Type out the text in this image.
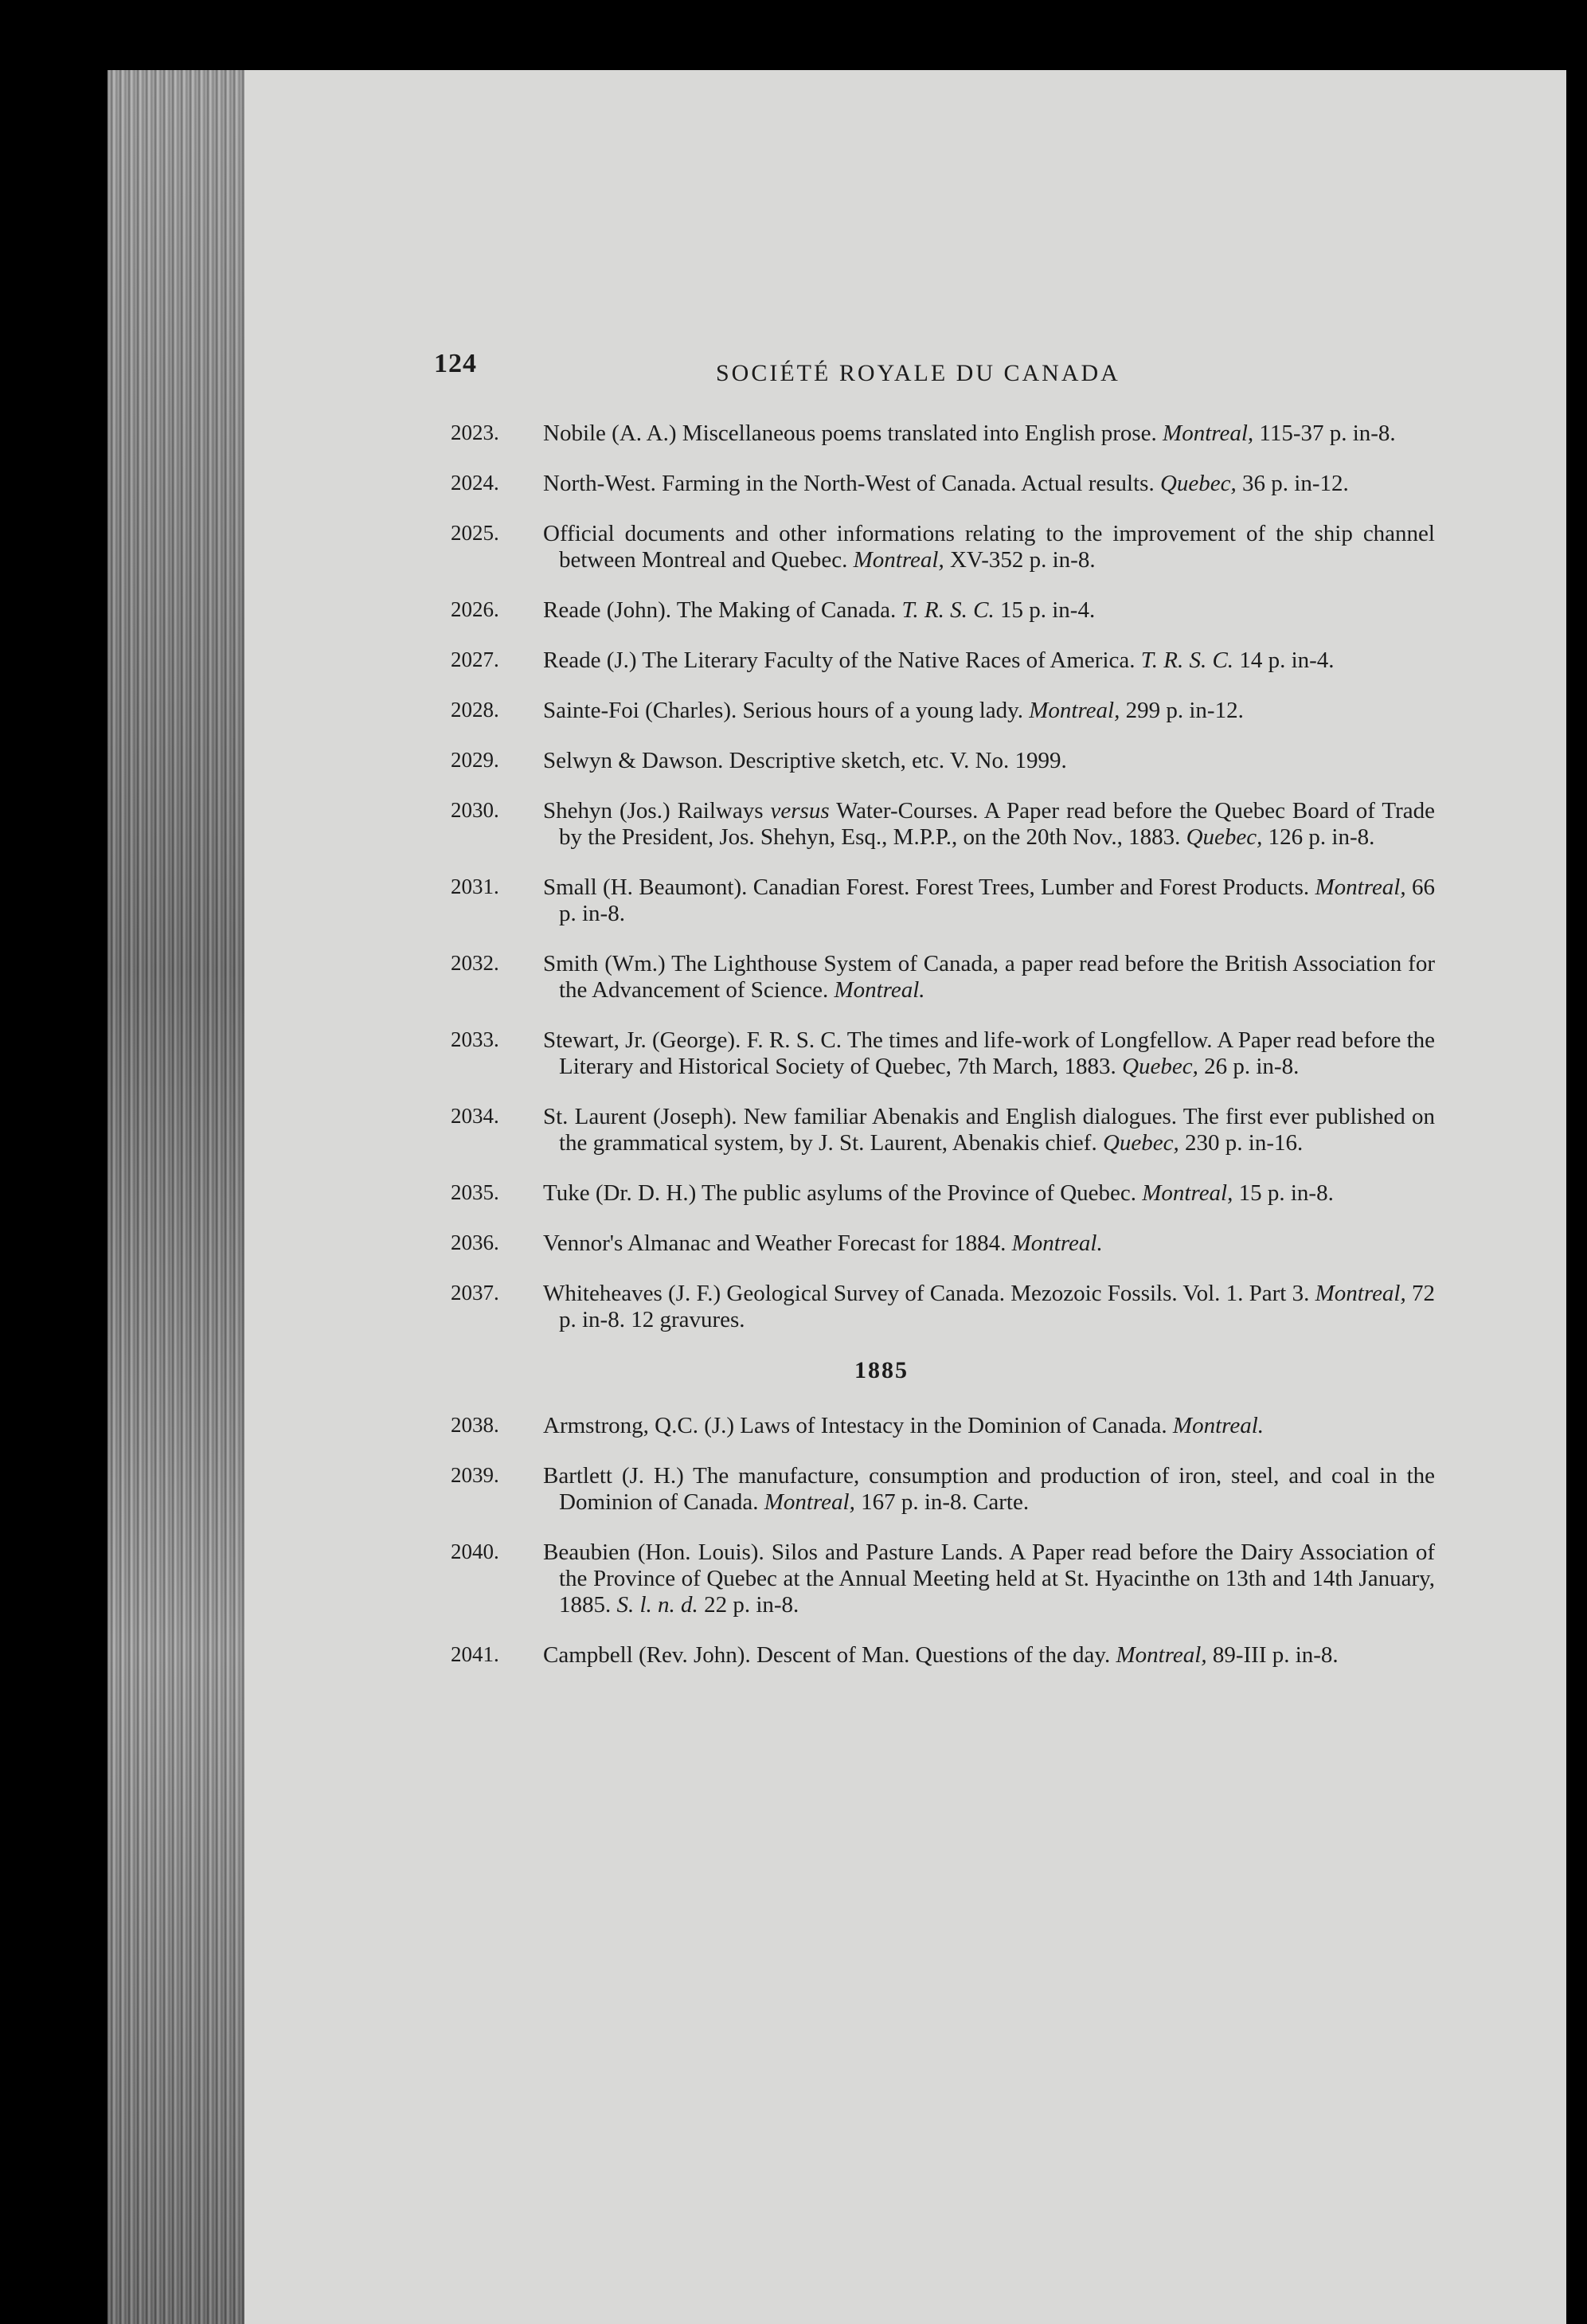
124	SOCIÉTÉ ROYALE DU CANADA
2023. Nobile (A. A.) Miscellaneous poems translated into English prose. Montreal, 115-37 p. in-8.
2024. North-West. Farming in the North-West of Canada. Actual results. Quebec, 36 p. in-12.
2025. Official documents and other informations relating to the improvement of the ship channel between Montreal and Quebec. Montreal, XV-352 p. in-8.
2026. Reade (John). The Making of Canada. T. R. S. C. 15 p. in-4.
2027. Reade (J.) The Literary Faculty of the Native Races of America. T. R. S. C. 14 p. in-4.
2028. Sainte-Foi (Charles). Serious hours of a young lady. Montreal, 299 p. in-12.
2029. Selwyn & Dawson. Descriptive sketch, etc. V. No. 1999.
2030. Shehyn (Jos.) Railways versus Water-Courses. A Paper read before the Quebec Board of Trade by the President, Jos. Shehyn, Esq., M.P.P., on the 20th Nov., 1883. Quebec, 126 p. in-8.
2031. Small (H. Beaumont). Canadian Forest. Forest Trees, Lumber and Forest Products. Montreal, 66 p. in-8.
2032. Smith (Wm.) The Lighthouse System of Canada, a paper read before the British Association for the Advancement of Science. Montreal.
2033. Stewart, Jr. (George). F. R. S. C. The times and life-work of Longfellow. A Paper read before the Literary and Historical Society of Quebec, 7th March, 1883. Quebec, 26 p. in-8.
2034. St. Laurent (Joseph). New familiar Abenakis and English dialogues. The first ever published on the grammatical system, by J. St. Laurent, Abenakis chief. Quebec, 230 p. in-16.
2035. Tuke (Dr. D. H.) The public asylums of the Province of Quebec. Montreal, 15 p. in-8.
2036. Vennor's Almanac and Weather Forecast for 1884. Montreal.
2037. Whiteheaves (J. F.) Geological Survey of Canada. Mezozoic Fossils. Vol. 1. Part 3. Montreal, 72 p. in-8. 12 gravures.
1885
2038. Armstrong, Q.C. (J.) Laws of Intestacy in the Dominion of Canada. Montreal.
2039. Bartlett (J. H.) The manufacture, consumption and production of iron, steel, and coal in the Dominion of Canada. Montreal, 167 p. in-8. Carte.
2040. Beaubien (Hon. Louis). Silos and Pasture Lands. A Paper read before the Dairy Association of the Province of Quebec at the Annual Meeting held at St. Hyacinthe on 13th and 14th January, 1885. S. l. n. d. 22 p. in-8.
2041. Campbell (Rev. John). Descent of Man. Questions of the day. Montreal, 89-III p. in-8.
